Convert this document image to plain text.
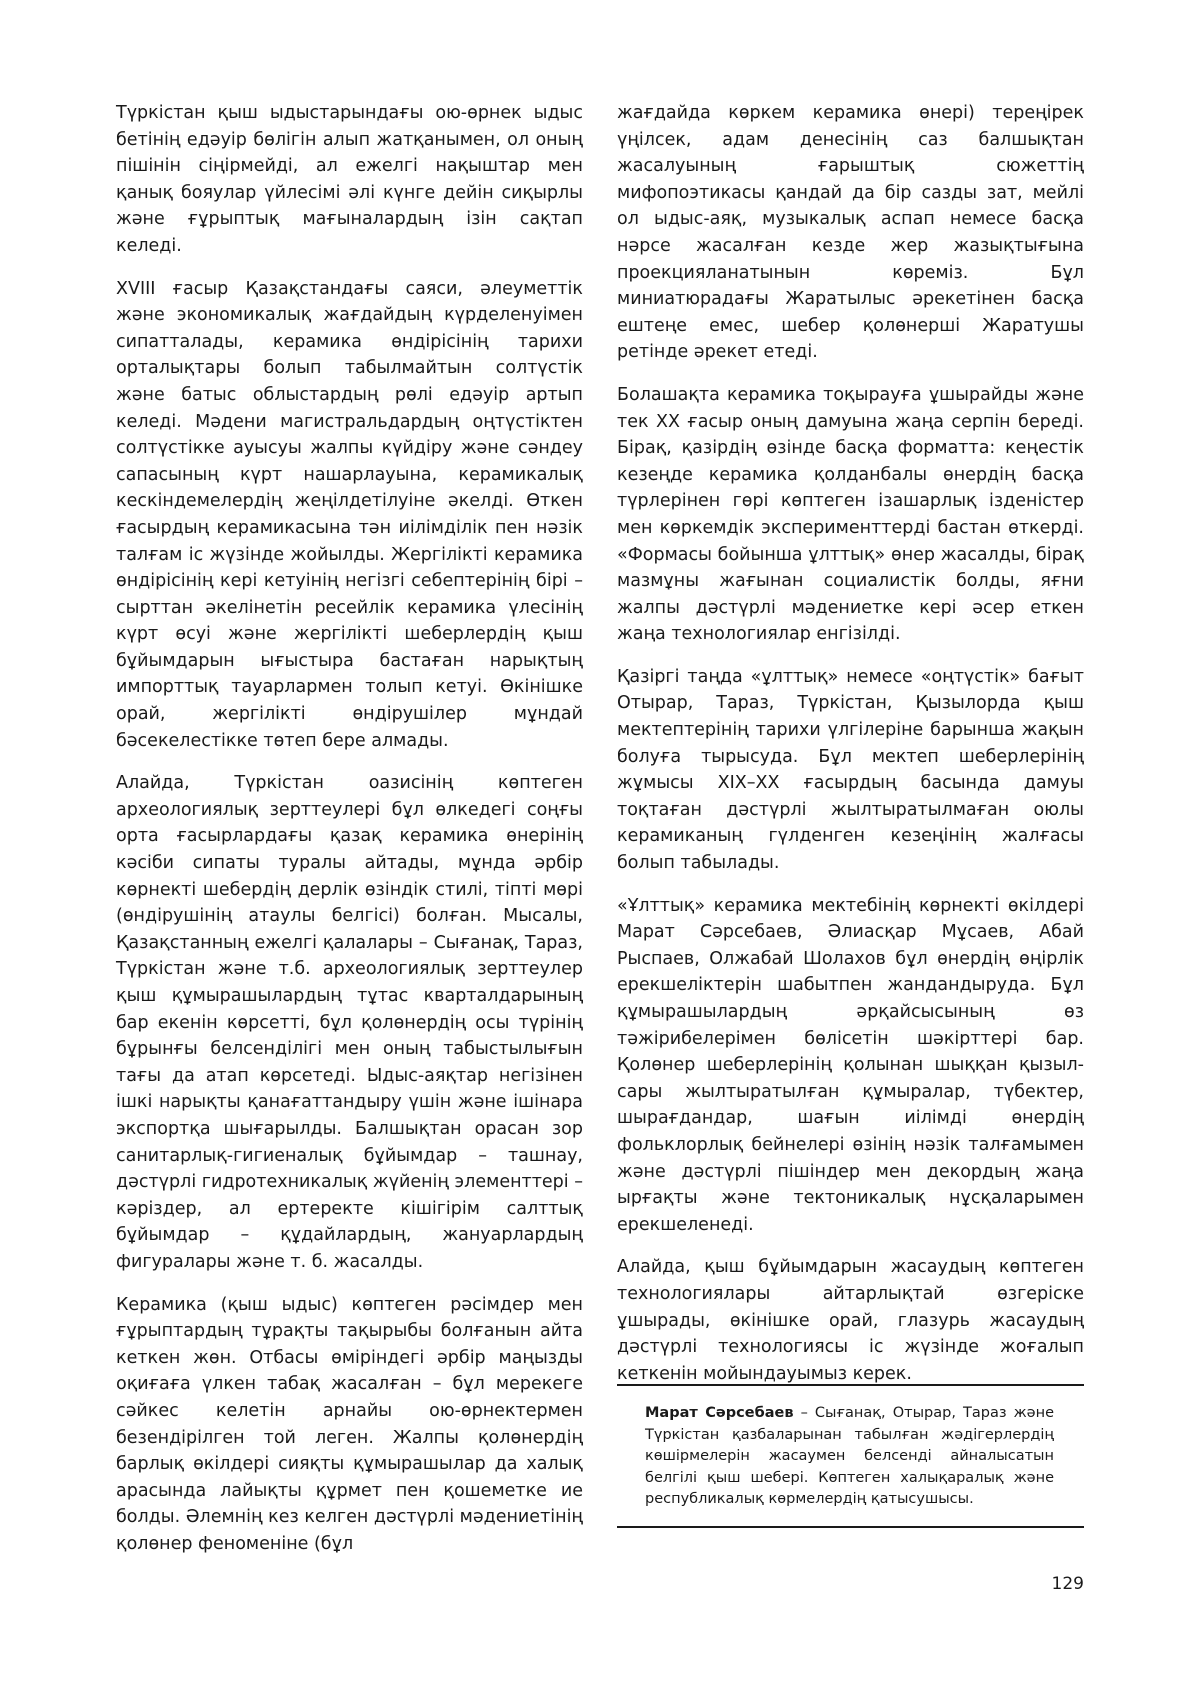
Түркістан қыш ыдыстарындағы ою-өрнек ыдыс бетінің едәуір бөлігін алып жатқанымен, ол оның пішінін сіңірмейді, ал ежелгі нақыштар мен қанық бояулар үйлесімі әлі күнге дейін сиқырлы және ғұрыптық мағыналардың ізін сақтап келеді.

XVIII ғасыр Қазақстандағы саяси, әлеуметтік және экономикалық жағдайдың күрделенуімен сипатталады, керамика өндірісінің тарихи орталықтары болып табылмайтын солтүстік және батыс облыстардың рөлі едәуір артып келеді. Мәдени магистральдардың оңтүстіктен солтүстікке ауысуы жалпы күйдіру және сәндеу сапасының күрт нашарлауына, керамикалық кескіндемелердің жеңілдетілуіне әкелді. Өткен ғасырдың керамикасына тән иілімділік пен нәзік талғам іс жүзінде жойылды. Жергілікті керамика өндірісінің кері кетуінің негізгі себептерінің бірі – сырттан әкелінетін ресейлік керамика үлесінің күрт өсуі және жергілікті шеберлердің қыш бұйымдарын ығыстыра бастаған нарықтың импорттық тауарлармен толып кетуі. Өкінішке орай, жергілікті өндірушілер мұндай бәсекелестікке төтеп бере алмады.

Алайда, Түркістан оазисінің көптеген археологиялық зерттеулері бұл өлкедегі соңғы орта ғасырлардағы қазақ керамика өнерінің кәсіби сипаты туралы айтады, мұнда әрбір көрнекті шебердің дерлік өзіндік стилі, тіпті мөрі (өндірушінің атаулы белгісі) болған. Мысалы, Қазақстанның ежелгі қалалары – Сығанақ, Тараз, Түркістан және т.б. археологиялық зерттеулер қыш құмырашылардың тұтас кварталдарының бар екенін көрсетті, бұл қолөнердің осы түрінің бұрынғы белсенділігі мен оның табыстылығын тағы да атап көрсетеді. Ыдыс-аяқтар негізінен ішкі нарықты қанағаттандыру үшін және ішінара экспортқа шығарылды. Балшықтан орасан зор санитарлық-гигиеналық бұйымдар – ташнау, дәстүрлі гидротехникалық жүйенің элементтері – кәріздер, ал ертеректе кішігірім салттық бұйымдар – құдайлардың, жануарлардың фигуралары және т. б. жасалды.

Керамика (қыш ыдыс) көптеген рәсімдер мен ғұрыптардың тұрақты тақырыбы болғанын айта кеткен жөн. Отбасы өміріндегі әрбір маңызды оқиғаға үлкен табақ жасалған – бұл мерекеге сәйкес келетін арнайы ою-өрнектермен безендірілген той леген. Жалпы қолөнердің барлық өкілдері сияқты құмырашылар да халық арасында лайықты құрмет пен қошеметке ие болды. Әлемнің кез келген дәстүрлі мәдениетінің қолөнер феноменіне (бұл

жағдайда көркем керамика өнері) тереңірек үңілсек, адам денесінің саз балшықтан жасалуының ғарыштық сюжеттің мифопоэтикасы қандай да бір сазды зат, мейлі ол ыдыс-аяқ, музыкалық аспап немесе басқа нәрсе жасалған кезде жер жазықтығына проекцияланатынын көреміз. Бұл миниатюрадағы Жаратылыс әрекетінен басқа ештеңе емес, шебер қолөнерші Жаратушы ретінде әрекет етеді.

Болашақта керамика тоқырауға ұшырайды және тек ХХ ғасыр оның дамуына жаңа серпін береді. Бірақ, қазірдің өзінде басқа форматта: кеңестік кезеңде керамика қолданбалы өнердің басқа түрлерінен гөрі көптеген ізашарлық ізденістер мен көркемдік эксперименттерді бастан өткерді. «Формасы бойынша ұлттық» өнер жасалды, бірақ мазмұны жағынан социалистік болды, яғни жалпы дәстүрлі мәдениетке кері әсер еткен жаңа технологиялар енгізілді.

Қазіргі таңда «ұлттық» немесе «оңтүстік» бағыт Отырар, Тараз, Түркістан, Қызылорда қыш мектептерінің тарихи үлгілеріне барынша жақын болуға тырысуда. Бұл мектеп шеберлерінің жұмысы XIX–XX ғасырдың басында дамуы тоқтаған дәстүрлі жылтыратылмаған оюлы керамиканың гүлденген кезеңінің жалғасы болып табылады.

«Ұлттық» керамика мектебінің көрнекті өкілдері Марат Сәрсебаев, Әлиасқар Мұсаев, Абай Рыспаев, Олжабай Шолахов бұл өнердің өңірлік ерекшеліктерін шабытпен жандандыруда. Бұл құмырашылардың әрқайсысының өз тәжірибелерімен бөлісетін шәкірттері бар. Қолөнер шеберлерінің қолынан шыққан қызыл-сары жылтыратылған құмыралар, түбектер, шырағдандар, шағын иілімді өнердің фольклорлық бейнелері өзінің нәзік талғамымен және дәстүрлі пішіндер мен декордың жаңа ырғақты және тектоникалық нұсқаларымен ерекшеленеді.

Алайда, қыш бұйымдарын жасаудың көптеген технологиялары айтарлықтай өзгеріске ұшырады, өкінішке орай, глазурь жасаудың дәстүрлі технологиясы іс жүзінде жоғалып кеткенін мойындауымыз керек.

Марат Сәрсебаев – Сығанақ, Отырар, Тараз және Түркістан қазбаларынан табылған жәдігерлердің көшірмелерін жасаумен белсенді айналысатын белгілі қыш шебері. Көптеген халықаралық және республикалық көрмелердің қатысушысы.

129
